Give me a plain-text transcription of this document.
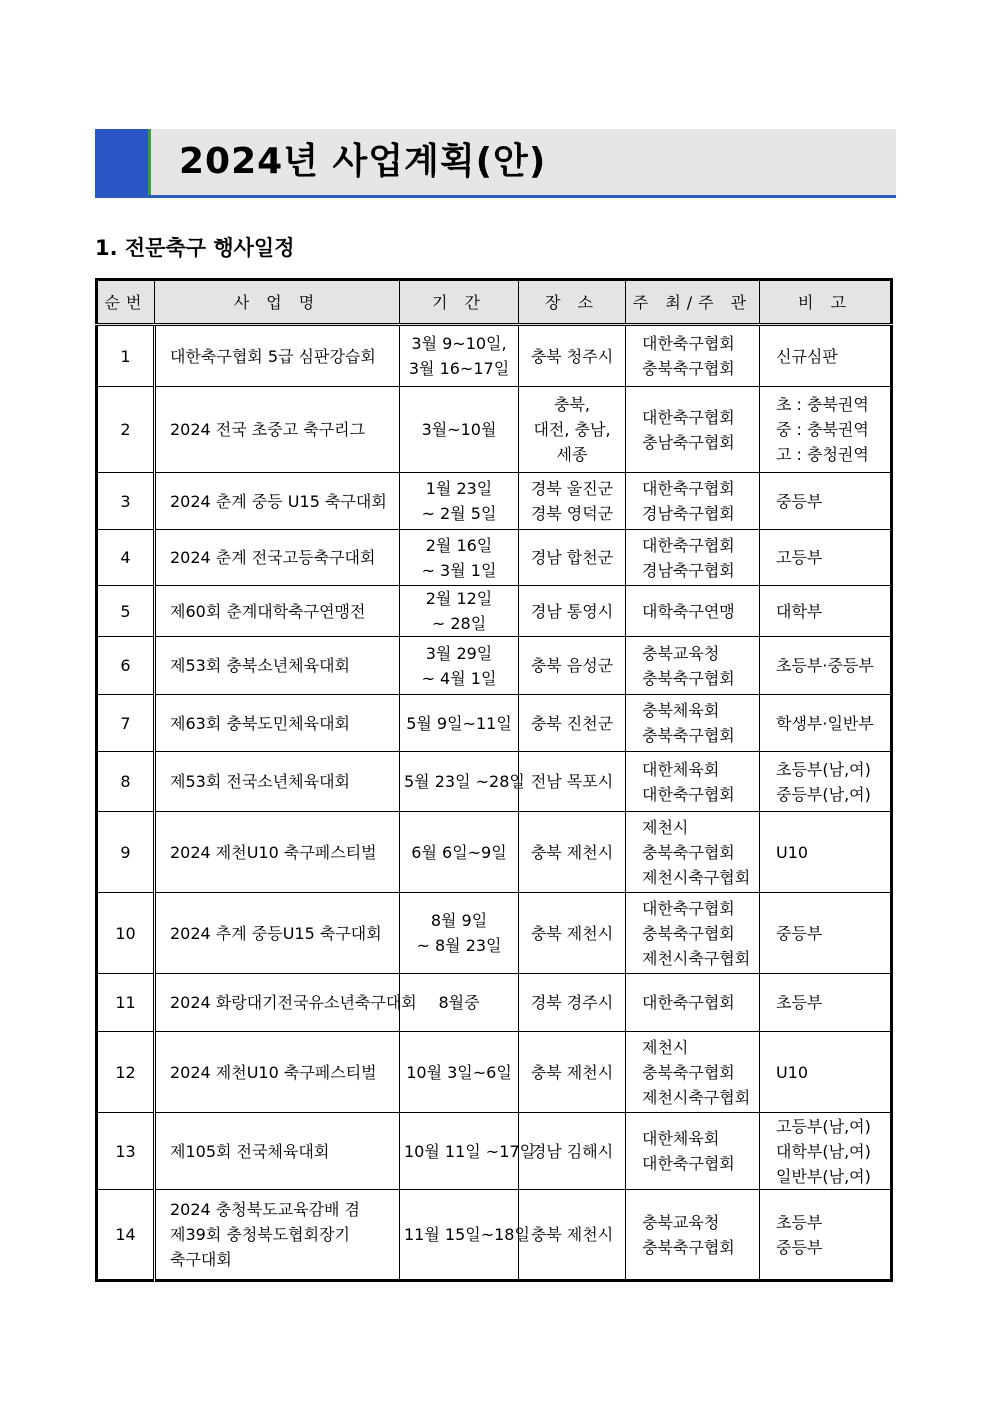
2024년 사업계획(안)
1. 전문축구 행사일정
순번	사 업 명	기 간	장 소	주 최/주 관	비 고
1	대한축구협회 5급 심판강습회	3월 9~10일,
3월 16~17일	충북 청주시	대한축구협회
충북축구협회	신규심판

2	2024 전국 초중고 축구리그	3월~10월	충북,
대전, 충남,
세종	대한축구협회
충남축구협회	초 : 충북권역
중 : 충북권역
고 : 충청권역

3	2024 춘계 중등 U15 축구대회	1월 23일
~ 2월 5일	경북 울진군
경북 영덕군	대한축구협회
경남축구협회	중등부

4	2024 춘계 전국고등축구대회	2월 16일
~ 3월 1일	경남 합천군	대한축구협회
경남축구협회	고등부

5	제60회 춘계대학축구연맹전	2월 12일
~ 28일	경남 통영시	대학축구연맹	대학부

6	제53회 충북소년체육대회	3월 29일
~ 4월 1일	충북 음성군	충북교육청
충북축구협회	초등부·중등부

7	제63회 충북도민체육대회	5월 9일~11일	충북 진천군	충북체육회
충북축구협회	학생부·일반부

8	제53회 전국소년체육대회	5월 23일 ~28일	전남 목포시	대한체육회
대한축구협회	초등부(남,여)
중등부(남,여)

9	2024 제천U10 축구페스티벌	6월 6일~9일	충북 제천시	제천시
충북축구협회
제천시축구협회	U10

10	2024 추계 중등U15 축구대회	8월 9일
~ 8월 23일	충북 제천시	대한축구협회
충북축구협회
제천시축구협회	중등부

11	2024 화랑대기전국유소년축구대회	8월중	경북 경주시	대한축구협회	초등부

12	2024 제천U10 축구페스티벌	10월 3일~6일	충북 제천시	제천시
충북축구협회
제천시축구협회	U10

13	제105회 전국체육대회	10월 11일 ~17일	경남 김해시	대한체육회
대한축구협회	고등부(남,여)
대학부(남,여)
일반부(남,여)

14	2024 충청북도교육감배 겸
제39회 충청북도협회장기
축구대회	11월 15일~18일	충북 제천시	충북교육청
충북축구협회	초등부
중등부
